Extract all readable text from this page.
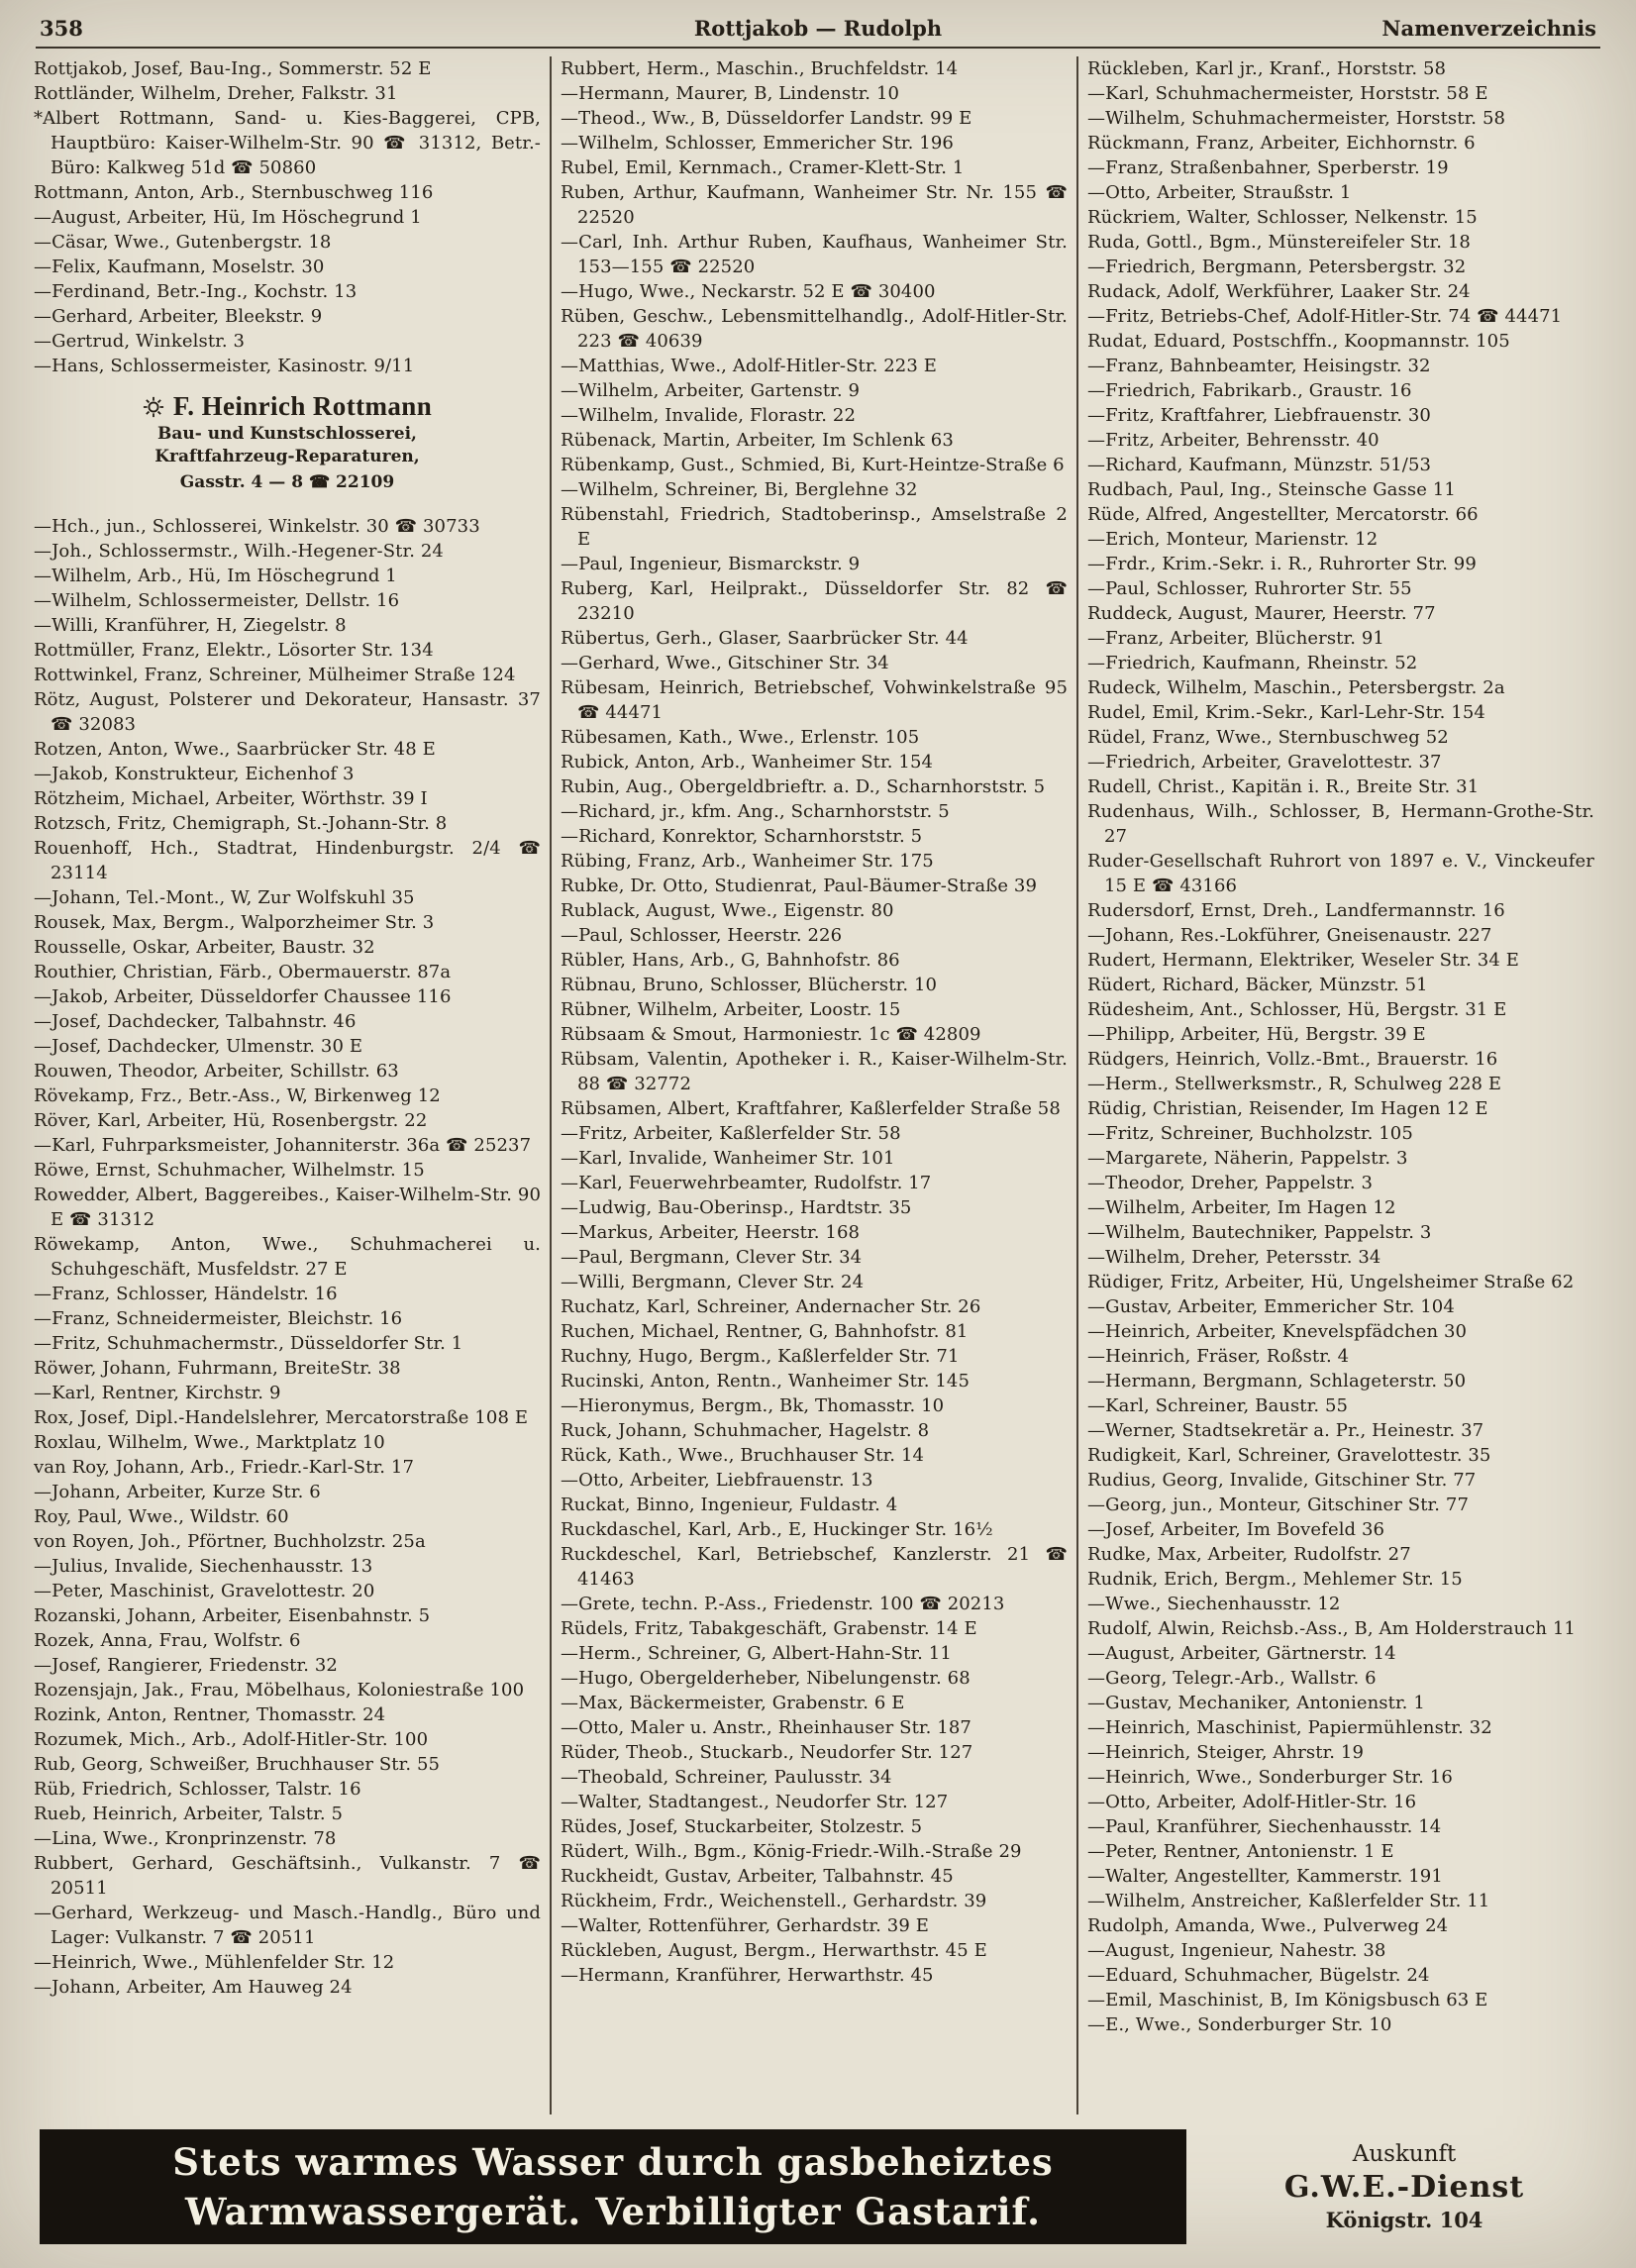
358	Rottjakob — Rudolph	Namenverzeichnis
Rottjakob, Josef, Bau-Ing., Sommerstr. 52 E
Rottländer, Wilhelm, Dreher, Falkstr. 31
*Albert Rottmann, Sand- u. Kies-Baggerei, CPB, Hauptbüro: Kaiser-Wilhelm-Str. 90 ☎ 31312, Betr.-Büro: Kalkweg 51d ☎ 50860
Rottmann, Anton, Arb., Sternbuschweg 116
—August, Arbeiter, Hü, Im Höschegrund 1
—Cäsar, Wwe., Gutenbergstr. 18
—Felix, Kaufmann, Moselstr. 30
—Ferdinand, Betr.-Ing., Kochstr. 13
—Gerhard, Arbeiter, Bleekstr. 9
—Gertrud, Winkelstr. 3
—Hans, Schlossermeister, Kasinostr. 9/11
F. Heinrich Rottmann
Bau- und Kunstschlosserei,
Kraftfahrzeug-Reparaturen,
Gasstr. 4 — 8 ☎ 22109
—Hch., jun., Schlosserei, Winkelstr. 30 ☎ 30733
—Joh., Schlossermstr., Wilh.-Hegener-Str. 24
—Wilhelm, Arb., Hü, Im Höschegrund 1
—Wilhelm, Schlossermeister, Dellstr. 16
—Willi, Kranführer, H, Ziegelstr. 8
Rottmüller, Franz, Elektr., Lösorter Str. 134
Rottwinkel, Franz, Schreiner, Mülheimer Straße 124
Rötz, August, Polsterer und Dekorateur, Hansastr. 37 ☎ 32083
Rotzen, Anton, Wwe., Saarbrücker Str. 48 E
—Jakob, Konstrukteur, Eichenhof 3
Rötzheim, Michael, Arbeiter, Wörthstr. 39 I
Rotzsch, Fritz, Chemigraph, St.-Johann-Str. 8
Rouenhoff, Hch., Stadtrat, Hindenburgstr. 2/4 ☎ 23114
—Johann, Tel.-Mont., W, Zur Wolfskuhl 35
Rousek, Max, Bergm., Walporzheimer Str. 3
Rousselle, Oskar, Arbeiter, Baustr. 32
Routhier, Christian, Färb., Obermauerstr. 87a
—Jakob, Arbeiter, Düsseldorfer Chaussee 116
—Josef, Dachdecker, Talbahnstr. 46
—Josef, Dachdecker, Ulmenstr. 30 E
Rouwen, Theodor, Arbeiter, Schillstr. 63
Rövekamp, Frz., Betr.-Ass., W, Birkenweg 12
Röver, Karl, Arbeiter, Hü, Rosenbergstr. 22
—Karl, Fuhrparksmeister, Johanniterstr. 36a ☎ 25237
Röwe, Ernst, Schuhmacher, Wilhelmstr. 15
Rowedder, Albert, Baggereibes., Kaiser-Wilhelm-Str. 90 E ☎ 31312
Röwekamp, Anton, Wwe., Schuhmacherei u. Schuhgeschäft, Musfeldstr. 27 E
—Franz, Schlosser, Händelstr. 16
—Franz, Schneidermeister, Bleichstr. 16
—Fritz, Schuhmachermstr., Düsseldorfer Str. 1
Röwer, Johann, Fuhrmann, BreiteStr. 38
—Karl, Rentner, Kirchstr. 9
Rox, Josef, Dipl.-Handelslehrer, Mercatorstraße 108 E
Roxlau, Wilhelm, Wwe., Marktplatz 10
van Roy, Johann, Arb., Friedr.-Karl-Str. 17
—Johann, Arbeiter, Kurze Str. 6
Roy, Paul, Wwe., Wildstr. 60
von Royen, Joh., Pförtner, Buchholzstr. 25a
—Julius, Invalide, Siechenhausstr. 13
—Peter, Maschinist, Gravelottestr. 20
Rozanski, Johann, Arbeiter, Eisenbahnstr. 5
Rozek, Anna, Frau, Wolfstr. 6
—Josef, Rangierer, Friedenstr. 32
Rozensjajn, Jak., Frau, Möbelhaus, Koloniestraße 100
Rozink, Anton, Rentner, Thomasstr. 24
Rozumek, Mich., Arb., Adolf-Hitler-Str. 100
Rub, Georg, Schweißer, Bruchhauser Str. 55
Rüb, Friedrich, Schlosser, Talstr. 16
Rueb, Heinrich, Arbeiter, Talstr. 5
—Lina, Wwe., Kronprinzenstr. 78
Rubbert, Gerhard, Geschäftsinh., Vulkanstr. 7 ☎ 20511
—Gerhard, Werkzeug- und Masch.-Handlg., Büro und Lager: Vulkanstr. 7 ☎ 20511
—Heinrich, Wwe., Mühlenfelder Str. 12
—Johann, Arbeiter, Am Hauweg 24
Rubbert, Herm., Maschin., Bruchfeldstr. 14
—Hermann, Maurer, B, Lindenstr. 10
—Theod., Ww., B, Düsseldorfer Landstr. 99 E
—Wilhelm, Schlosser, Emmericher Str. 196
Rubel, Emil, Kernmach., Cramer-Klett-Str. 1
Ruben, Arthur, Kaufmann, Wanheimer Str. Nr. 155 ☎ 22520
—Carl, Inh. Arthur Ruben, Kaufhaus, Wanheimer Str. 153—155 ☎ 22520
—Hugo, Wwe., Neckarstr. 52 E ☎ 30400
Rüben, Geschw., Lebensmittelhandlg., Adolf-Hitler-Str. 223 ☎ 40639
—Matthias, Wwe., Adolf-Hitler-Str. 223 E
—Wilhelm, Arbeiter, Gartenstr. 9
—Wilhelm, Invalide, Florastr. 22
Rübenack, Martin, Arbeiter, Im Schlenk 63
Rübenkamp, Gust., Schmied, Bi, Kurt-Heintze-Straße 6
—Wilhelm, Schreiner, Bi, Berglehne 32
Rübenstahl, Friedrich, Stadtoberinsp., Amselstraße 2 E
—Paul, Ingenieur, Bismarckstr. 9
Ruberg, Karl, Heilprakt., Düsseldorfer Str. 82 ☎ 23210
Rübertus, Gerh., Glaser, Saarbrücker Str. 44
—Gerhard, Wwe., Gitschiner Str. 34
Rübesam, Heinrich, Betriebschef, Vohwinkelstraße 95 ☎ 44471
Rübesamen, Kath., Wwe., Erlenstr. 105
Rubick, Anton, Arb., Wanheimer Str. 154
Rubin, Aug., Obergeldbrieftr. a. D., Scharnhorststr. 5
—Richard, jr., kfm. Ang., Scharnhorststr. 5
—Richard, Konrektor, Scharnhorststr. 5
Rübing, Franz, Arb., Wanheimer Str. 175
Rubke, Dr. Otto, Studienrat, Paul-Bäumer-Straße 39
Rublack, August, Wwe., Eigenstr. 80
—Paul, Schlosser, Heerstr. 226
Rübler, Hans, Arb., G, Bahnhofstr. 86
Rübnau, Bruno, Schlosser, Blücherstr. 10
Rübner, Wilhelm, Arbeiter, Loostr. 15
Rübsaam & Smout, Harmoniestr. 1c ☎ 42809
Rübsam, Valentin, Apotheker i. R., Kaiser-Wilhelm-Str. 88 ☎ 32772
Rübsamen, Albert, Kraftfahrer, Kaßlerfelder Straße 58
—Fritz, Arbeiter, Kaßlerfelder Str. 58
—Karl, Invalide, Wanheimer Str. 101
—Karl, Feuerwehrbeamter, Rudolfstr. 17
—Ludwig, Bau-Oberinsp., Hardtstr. 35
—Markus, Arbeiter, Heerstr. 168
—Paul, Bergmann, Clever Str. 34
—Willi, Bergmann, Clever Str. 24
Ruchatz, Karl, Schreiner, Andernacher Str. 26
Ruchen, Michael, Rentner, G, Bahnhofstr. 81
Ruchny, Hugo, Bergm., Kaßlerfelder Str. 71
Rucinski, Anton, Rentn., Wanheimer Str. 145
—Hieronymus, Bergm., Bk, Thomasstr. 10
Ruck, Johann, Schuhmacher, Hagelstr. 8
Rück, Kath., Wwe., Bruchhauser Str. 14
—Otto, Arbeiter, Liebfrauenstr. 13
Ruckat, Binno, Ingenieur, Fuldastr. 4
Ruckdaschel, Karl, Arb., E, Huckinger Str. 16½
Ruckdeschel, Karl, Betriebschef, Kanzlerstr. 21 ☎ 41463
—Grete, techn. P.-Ass., Friedenstr. 100 ☎ 20213
Rüdels, Fritz, Tabakgeschäft, Grabenstr. 14 E
—Herm., Schreiner, G, Albert-Hahn-Str. 11
—Hugo, Obergelderheber, Nibelungenstr. 68
—Max, Bäckermeister, Grabenstr. 6 E
—Otto, Maler u. Anstr., Rheinhauser Str. 187
Rüder, Theob., Stuckarb., Neudorfer Str. 127
—Theobald, Schreiner, Paulusstr. 34
—Walter, Stadtangest., Neudorfer Str. 127
Rüdes, Josef, Stuckarbeiter, Stolzestr. 5
Rüdert, Wilh., Bgm., König-Friedr.-Wilh.-Straße 29
Ruckheidt, Gustav, Arbeiter, Talbahnstr. 45
Rückheim, Frdr., Weichenstell., Gerhardstr. 39
—Walter, Rottenführer, Gerhardstr. 39 E
Rückleben, August, Bergm., Herwarthstr. 45 E
—Hermann, Kranführer, Herwarthstr. 45
Rückleben, Karl jr., Kranf., Horststr. 58
—Karl, Schuhmachermeister, Horststr. 58 E
—Wilhelm, Schuhmachermeister, Horststr. 58
Rückmann, Franz, Arbeiter, Eichhornstr. 6
—Franz, Straßenbahner, Sperberstr. 19
—Otto, Arbeiter, Straußstr. 1
Rückriem, Walter, Schlosser, Nelkenstr. 15
Ruda, Gottl., Bgm., Münstereifeler Str. 18
—Friedrich, Bergmann, Petersbergstr. 32
Rudack, Adolf, Werkführer, Laaker Str. 24
—Fritz, Betriebs-Chef, Adolf-Hitler-Str. 74 ☎ 44471
Rudat, Eduard, Postschffn., Koopmannstr. 105
—Franz, Bahnbeamter, Heisingstr. 32
—Friedrich, Fabrikarb., Graustr. 16
—Fritz, Kraftfahrer, Liebfrauenstr. 30
—Fritz, Arbeiter, Behrensstr. 40
—Richard, Kaufmann, Münzstr. 51/53
Rudbach, Paul, Ing., Steinsche Gasse 11
Rüde, Alfred, Angestellter, Mercatorstr. 66
—Erich, Monteur, Marienstr. 12
—Frdr., Krim.-Sekr. i. R., Ruhrorter Str. 99
—Paul, Schlosser, Ruhrorter Str. 55
Ruddeck, August, Maurer, Heerstr. 77
—Franz, Arbeiter, Blücherstr. 91
—Friedrich, Kaufmann, Rheinstr. 52
Rudeck, Wilhelm, Maschin., Petersbergstr. 2a
Rudel, Emil, Krim.-Sekr., Karl-Lehr-Str. 154
Rüdel, Franz, Wwe., Sternbuschweg 52
—Friedrich, Arbeiter, Gravelottestr. 37
Rudell, Christ., Kapitän i. R., Breite Str. 31
Rudenhaus, Wilh., Schlosser, B, Hermann-Grothe-Str. 27
Ruder-Gesellschaft Ruhrort von 1897 e. V., Vinckeufer 15 E ☎ 43166
Rudersdorf, Ernst, Dreh., Landfermannstr. 16
—Johann, Res.-Lokführer, Gneisenaustr. 227
Rudert, Hermann, Elektriker, Weseler Str. 34 E
Rüdert, Richard, Bäcker, Münzstr. 51
Rüdesheim, Ant., Schlosser, Hü, Bergstr. 31 E
—Philipp, Arbeiter, Hü, Bergstr. 39 E
Rüdgers, Heinrich, Vollz.-Bmt., Brauerstr. 16
—Herm., Stellwerksmstr., R, Schulweg 228 E
Rüdig, Christian, Reisender, Im Hagen 12 E
—Fritz, Schreiner, Buchholzstr. 105
—Margarete, Näherin, Pappelstr. 3
—Theodor, Dreher, Pappelstr. 3
—Wilhelm, Arbeiter, Im Hagen 12
—Wilhelm, Bautechniker, Pappelstr. 3
—Wilhelm, Dreher, Petersstr. 34
Rüdiger, Fritz, Arbeiter, Hü, Ungelsheimer Straße 62
—Gustav, Arbeiter, Emmericher Str. 104
—Heinrich, Arbeiter, Knevelspfädchen 30
—Heinrich, Fräser, Roßstr. 4
—Hermann, Bergmann, Schlageterstr. 50
—Karl, Schreiner, Baustr. 55
—Werner, Stadtsekretär a. Pr., Heinestr. 37
Rudigkeit, Karl, Schreiner, Gravelottestr. 35
Rudius, Georg, Invalide, Gitschiner Str. 77
—Georg, jun., Monteur, Gitschiner Str. 77
—Josef, Arbeiter, Im Bovefeld 36
Rudke, Max, Arbeiter, Rudolfstr. 27
Rudnik, Erich, Bergm., Mehlemer Str. 15
—Wwe., Siechenhausstr. 12
Rudolf, Alwin, Reichsb.-Ass., B, Am Holderstrauch 11
—August, Arbeiter, Gärtnerstr. 14
—Georg, Telegr.-Arb., Wallstr. 6
—Gustav, Mechaniker, Antonienstr. 1
—Heinrich, Maschinist, Papiermühlenstr. 32
—Heinrich, Steiger, Ahrstr. 19
—Heinrich, Wwe., Sonderburger Str. 16
—Otto, Arbeiter, Adolf-Hitler-Str. 16
—Paul, Kranführer, Siechenhausstr. 14
—Peter, Rentner, Antonienstr. 1 E
—Walter, Angestellter, Kammerstr. 191
—Wilhelm, Anstreicher, Kaßlerfelder Str. 11
Rudolph, Amanda, Wwe., Pulverweg 24
—August, Ingenieur, Nahestr. 38
—Eduard, Schuhmacher, Bügelstr. 24
—Emil, Maschinist, B, Im Königsbusch 63 E
—E., Wwe., Sonderburger Str. 10
Stets warmes Wasser durch gasbeheiztes
Warmwassergerät. Verbilligter Gastarif.
Auskunft
G.W.E.-Dienst
Königstr. 104
